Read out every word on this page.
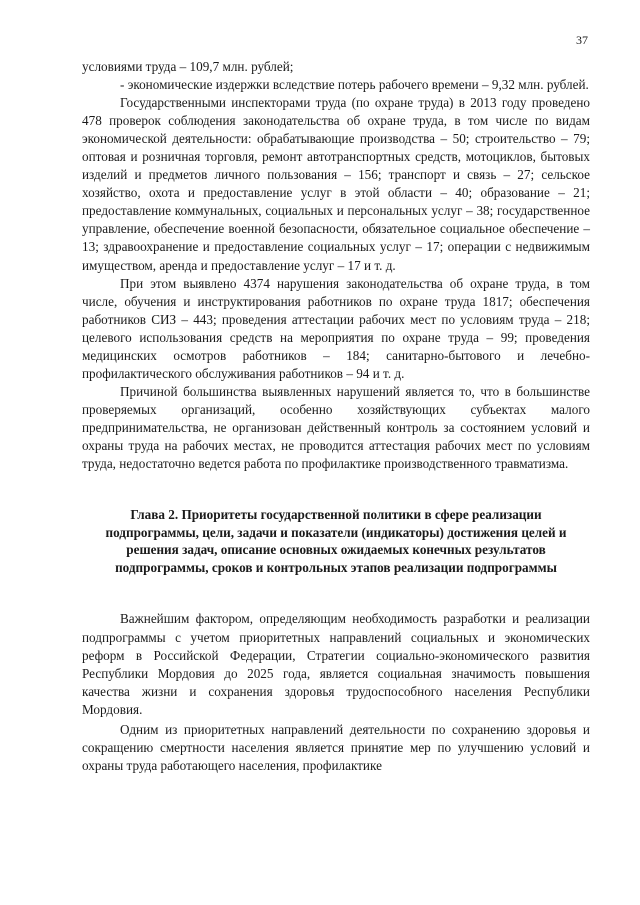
37

условиями труда – 109,7 млн. рублей;

- экономические издержки вследствие потерь рабочего времени – 9,32 млн. рублей.

Государственными инспекторами труда (по охране труда) в 2013 году проведено 478 проверок соблюдения законодательства об охране труда, в том числе по видам экономической деятельности: обрабатывающие производства – 50; строительство – 79; оптовая и розничная торговля, ремонт автотранспортных средств, мотоциклов, бытовых изделий и предметов личного пользования – 156; транспорт и связь – 27; сельское хозяйство, охота и предоставление услуг в этой области – 40; образование – 21; предоставление коммунальных, социальных и персональных услуг – 38; государственное управление, обеспечение военной безопасности, обязательное социальное обеспечение – 13; здравоохранение и предоставление социальных услуг – 17; операции с недвижимым имуществом, аренда и предоставление услуг – 17 и т. д.

При этом выявлено 4374 нарушения законодательства об охране труда, в том числе, обучения и инструктирования работников по охране труда 1817; обеспечения работников СИЗ – 443; проведения аттестации рабочих мест по условиям труда – 218; целевого использования средств на мероприятия по охране труда – 99; проведения медицинских осмотров работников – 184; санитарно-бытового и лечебно-профилактического обслуживания работников – 94 и т. д.

Причиной большинства выявленных нарушений является то, что в большинстве проверяемых организаций, особенно хозяйствующих субъектах малого предпринимательства, не организован действенный контроль за состоянием условий и охраны труда на рабочих местах, не проводится аттестация рабочих мест по условиям труда, недостаточно ведется работа по профилактике производственного травматизма.

Глава 2. Приоритеты государственной политики в сфере реализации подпрограммы, цели, задачи и показатели (индикаторы) достижения целей и решения задач, описание основных ожидаемых конечных результатов подпрограммы, сроков и контрольных этапов реализации подпрограммы

Важнейшим фактором, определяющим необходимость разработки и реализации подпрограммы с учетом приоритетных направлений социальных и экономических реформ в Российской Федерации, Стратегии социально-экономического развития Республики Мордовия до 2025 года, является социальная значимость повышения качества жизни и сохранения здоровья трудоспособного населения Республики Мордовия.

Одним из приоритетных направлений деятельности по сохранению здоровья и сокращению смертности населения является принятие мер по улучшению условий и охраны труда работающего населения, профилактике
